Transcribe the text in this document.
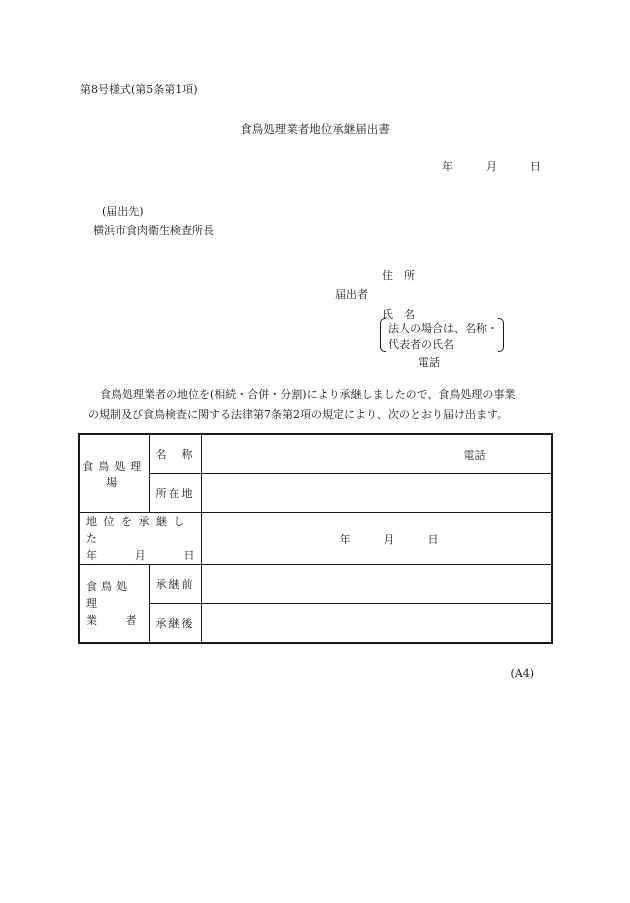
第8号様式(第5条第1項)
食鳥処理業者地位承継届出書
年	月	日
(届出先)
横浜市食肉衛生検査所長
住　所
届出者
氏　名
法人の場合は、名称・
代表者の氏名
電話
食鳥処理業者の地位を(相続・合併・分割)により承継しましたので、食鳥処理の事業
の規制及び食鳥検査に関する法律第7条第2項の規定により、次のとおり届け出ます。
食鳥処理場	名　称	電話

	所在地	

地位を承継した
年 月 日		年 月 日

食鳥処理
業 者	承継前	
	承継後	
(A4)
